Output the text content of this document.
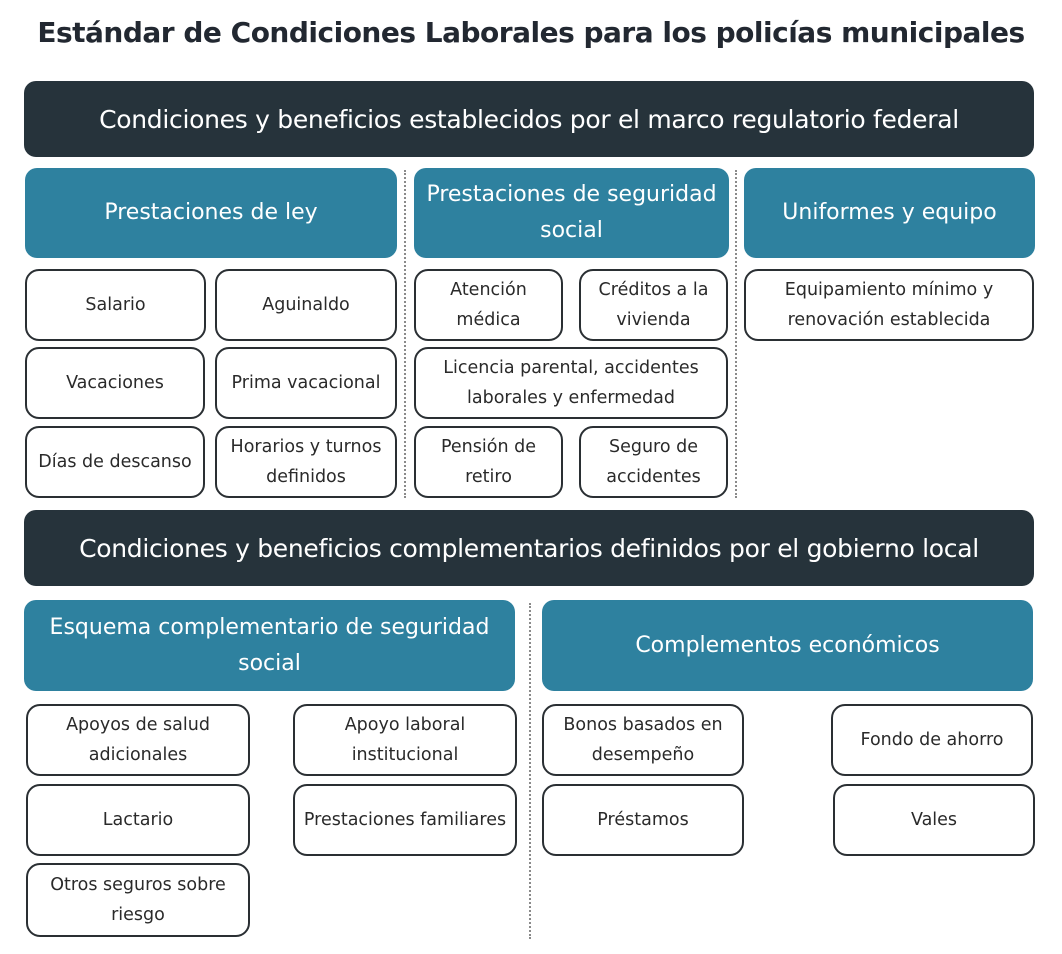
Estándar de Condiciones Laborales para los policías municipales
Condiciones y beneficios establecidos por el marco regulatorio federal
Prestaciones de ley
Prestaciones de seguridad social
Uniformes y equipo
Salario	Aguinaldo
Vacaciones	Prima vacacional
Días de descanso
Horarios y turnos definidos
Atención médica
Créditos a la vivienda
Licencia parental, accidentes laborales y enfermedad
Pensión de retiro
Seguro de accidentes
Equipamiento mínimo y renovación establecida
Condiciones y beneficios complementarios definidos por el gobierno local
Esquema complementario de seguridad social
Complementos económicos
Apoyos de salud adicionales
Apoyo laboral institucional
Lactario	Prestaciones familiares
Otros seguros sobre riesgo
Bonos basados en desempeño
Fondo de ahorro
Préstamos	Vales
